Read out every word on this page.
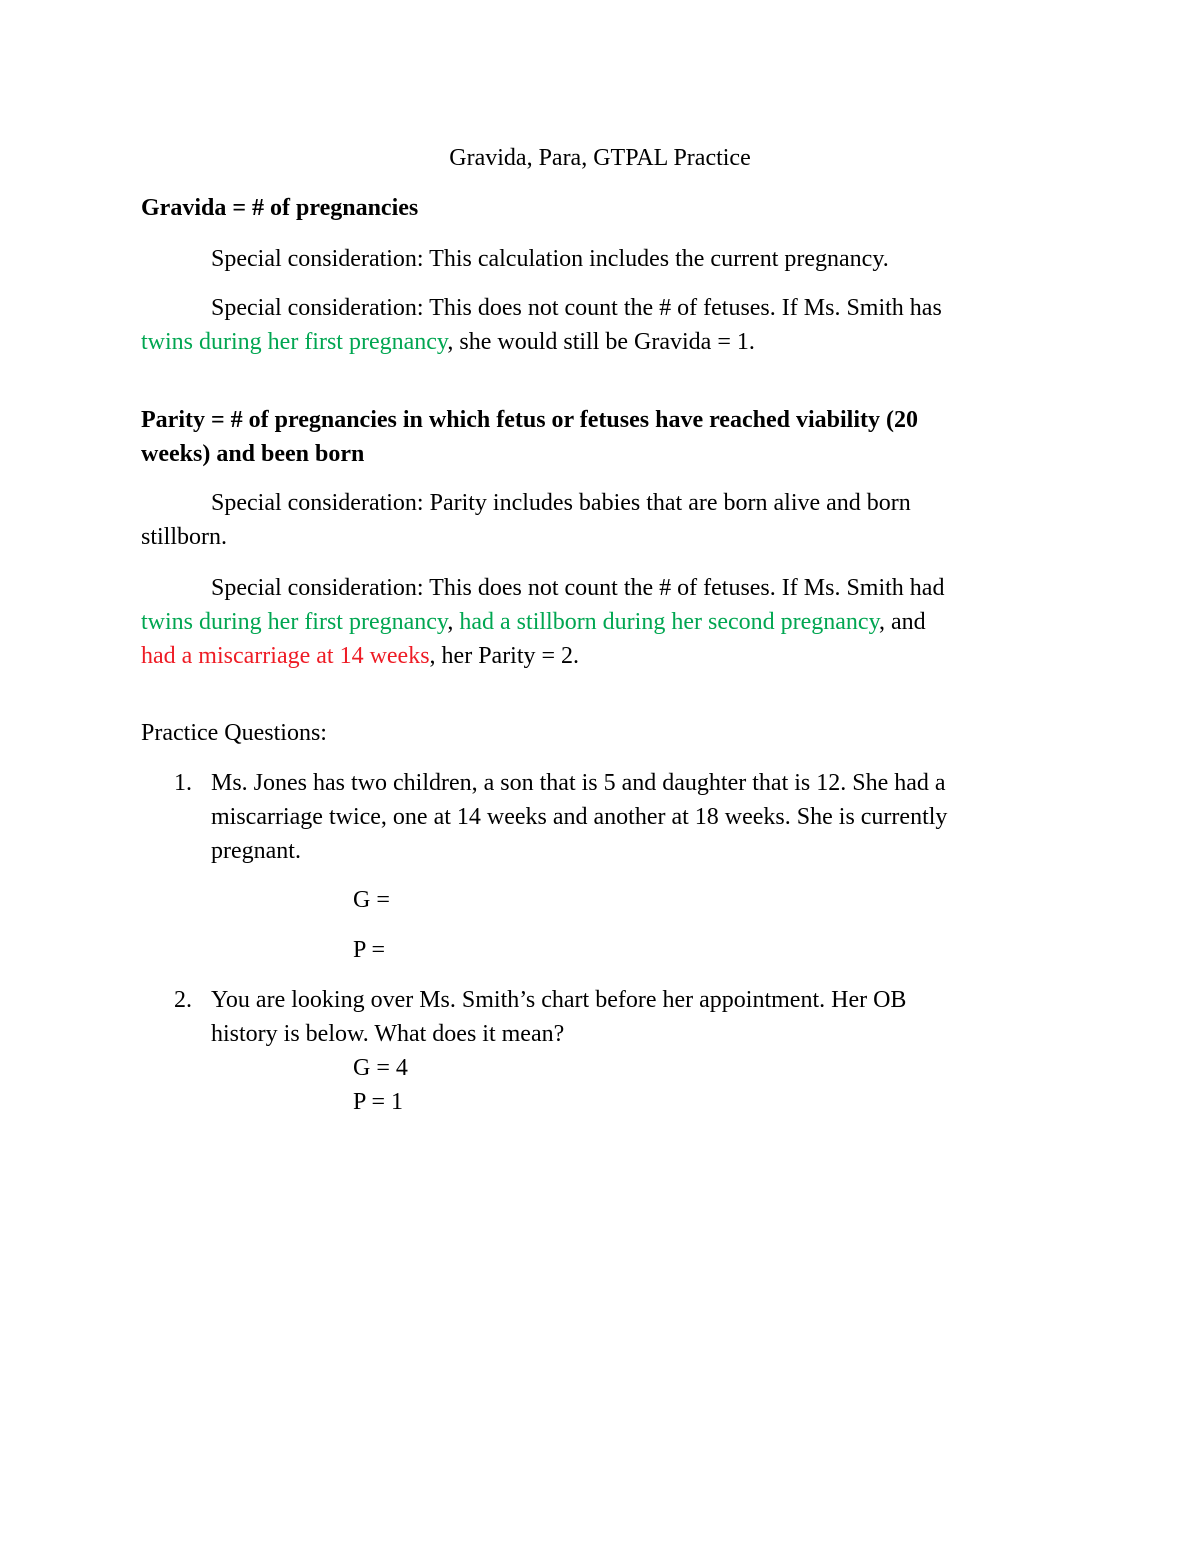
Gravida, Para, GTPAL Practice
Gravida = # of pregnancies
Special consideration: This calculation includes the current pregnancy.
Special consideration: This does not count the # of fetuses. If Ms. Smith has
twins during her first pregnancy, she would still be Gravida = 1.
Parity = # of pregnancies in which fetus or fetuses have reached viability (20
weeks) and been born
Special consideration: Parity includes babies that are born alive and born
stillborn.
Special consideration: This does not count the # of fetuses. If Ms. Smith had
twins during her first pregnancy, had a stillborn during her second pregnancy, and
had a miscarriage at 14 weeks, her Parity = 2.
Practice Questions:
1. Ms. Jones has two children, a son that is 5 and daughter that is 12. She had a
miscarriage twice, one at 14 weeks and another at 18 weeks. She is currently
pregnant.
G =
P =
2. You are looking over Ms. Smith’s chart before her appointment. Her OB
history is below. What does it mean?
G = 4
P = 1
